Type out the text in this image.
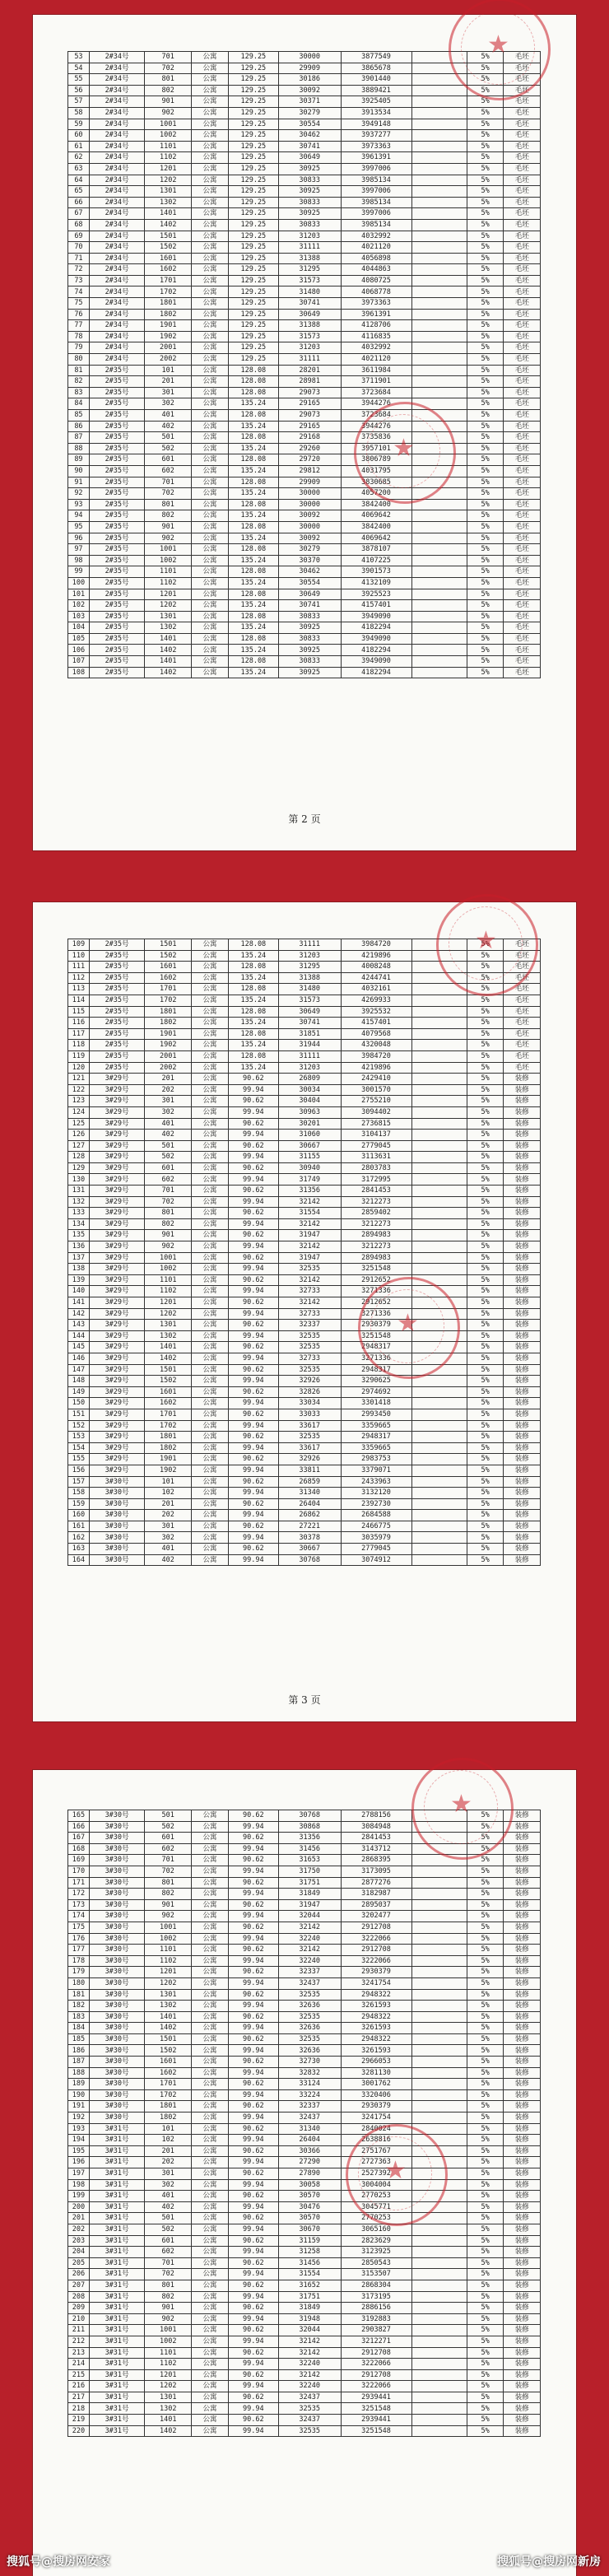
53	2#34号	701	公寓	129.25	30000	3877549		5%	毛坯
54	2#34号	702	公寓	129.25	29909	3865678		5%	毛坯
55	2#34号	801	公寓	129.25	30186	3901440		5%	毛坯
56	2#34号	802	公寓	129.25	30092	3889421		5%	毛坯
57	2#34号	901	公寓	129.25	30371	3925405		5%	毛坯
58	2#34号	902	公寓	129.25	30279	3913534		5%	毛坯
59	2#34号	1001	公寓	129.25	30554	3949148		5%	毛坯
60	2#34号	1002	公寓	129.25	30462	3937277		5%	毛坯
61	2#34号	1101	公寓	129.25	30741	3973363		5%	毛坯
62	2#34号	1102	公寓	129.25	30649	3961391		5%	毛坯
63	2#34号	1201	公寓	129.25	30925	3997006		5%	毛坯
64	2#34号	1202	公寓	129.25	30833	3985134		5%	毛坯
65	2#34号	1301	公寓	129.25	30925	3997006		5%	毛坯
66	2#34号	1302	公寓	129.25	30833	3985134		5%	毛坯
67	2#34号	1401	公寓	129.25	30925	3997006		5%	毛坯
68	2#34号	1402	公寓	129.25	30833	3985134		5%	毛坯
69	2#34号	1501	公寓	129.25	31203	4032992		5%	毛坯
70	2#34号	1502	公寓	129.25	31111	4021120		5%	毛坯
71	2#34号	1601	公寓	129.25	31388	4056898		5%	毛坯
72	2#34号	1602	公寓	129.25	31295	4044863		5%	毛坯
73	2#34号	1701	公寓	129.25	31573	4080725		5%	毛坯
74	2#34号	1702	公寓	129.25	31480	4068778		5%	毛坯
75	2#34号	1801	公寓	129.25	30741	3973363		5%	毛坯
76	2#34号	1802	公寓	129.25	30649	3961391		5%	毛坯
77	2#34号	1901	公寓	129.25	31388	4128706		5%	毛坯
78	2#34号	1902	公寓	129.25	31573	4116835		5%	毛坯
79	2#34号	2001	公寓	129.25	31203	4032992		5%	毛坯
80	2#34号	2002	公寓	129.25	31111	4021120		5%	毛坯
81	2#35号	101	公寓	128.08	28201	3611984		5%	毛坯
82	2#35号	201	公寓	128.08	28981	3711901		5%	毛坯
83	2#35号	301	公寓	128.08	29073	3723684		5%	毛坯
84	2#35号	302	公寓	135.24	29165	3944276		5%	毛坯
85	2#35号	401	公寓	128.08	29073	3723684		5%	毛坯
86	2#35号	402	公寓	135.24	29165	3944276		5%	毛坯
87	2#35号	501	公寓	128.08	29168	3735836		5%	毛坯
88	2#35号	502	公寓	135.24	29260	3957101		5%	毛坯
89	2#35号	601	公寓	128.08	29720	3806789		5%	毛坯
90	2#35号	602	公寓	135.24	29812	4031795		5%	毛坯
91	2#35号	701	公寓	128.08	29909	3830685		5%	毛坯
92	2#35号	702	公寓	135.24	30000	4057200		5%	毛坯
93	2#35号	801	公寓	128.08	30000	3842400		5%	毛坯
94	2#35号	802	公寓	135.24	30092	4069642		5%	毛坯
95	2#35号	901	公寓	128.08	30000	3842400		5%	毛坯
96	2#35号	902	公寓	135.24	30092	4069642		5%	毛坯
97	2#35号	1001	公寓	128.08	30279	3878107		5%	毛坯
98	2#35号	1002	公寓	135.24	30370	4107225		5%	毛坯
99	2#35号	1101	公寓	128.08	30462	3901573		5%	毛坯
100	2#35号	1102	公寓	135.24	30554	4132109		5%	毛坯
101	2#35号	1201	公寓	128.08	30649	3925523		5%	毛坯
102	2#35号	1202	公寓	135.24	30741	4157401		5%	毛坯
103	2#35号	1301	公寓	128.08	30833	3949090		5%	毛坯
104	2#35号	1302	公寓	135.24	30925	4182294		5%	毛坯
105	2#35号	1401	公寓	128.08	30833	3949090		5%	毛坯
106	2#35号	1402	公寓	135.24	30925	4182294		5%	毛坯
107	2#35号	1401	公寓	128.08	30833	3949090		5%	毛坯
108	2#35号	1402	公寓	135.24	30925	4182294		5%	毛坯
★
★
第 2 页
109	2#35号	1501	公寓	128.08	31111	3984720		5%	毛坯
110	2#35号	1502	公寓	135.24	31203	4219896		5%	毛坯
111	2#35号	1601	公寓	128.08	31295	4008248		5%	毛坯
112	2#35号	1602	公寓	135.24	31388	4244741		5%	毛坯
113	2#35号	1701	公寓	128.08	31480	4032161		5%	毛坯
114	2#35号	1702	公寓	135.24	31573	4269933		5%	毛坯
115	2#35号	1801	公寓	128.08	30649	3925532		5%	毛坯
116	2#35号	1802	公寓	135.24	30741	4157401		5%	毛坯
117	2#35号	1901	公寓	128.08	31851	4079568		5%	毛坯
118	2#35号	1902	公寓	135.24	31944	4320048		5%	毛坯
119	2#35号	2001	公寓	128.08	31111	3984720		5%	毛坯
120	2#35号	2002	公寓	135.24	31203	4219896		5%	毛坯
121	3#29号	201	公寓	90.62	26809	2429410		5%	装修
122	3#29号	202	公寓	99.94	30034	3001570		5%	装修
123	3#29号	301	公寓	90.62	30404	2755210		5%	装修
124	3#29号	302	公寓	99.94	30963	3094402		5%	装修
125	3#29号	401	公寓	90.62	30201	2736815		5%	装修
126	3#29号	402	公寓	99.94	31060	3104137		5%	装修
127	3#29号	501	公寓	90.62	30667	2779045		5%	装修
128	3#29号	502	公寓	99.94	31155	3113631		5%	装修
129	3#29号	601	公寓	90.62	30940	2803783		5%	装修
130	3#29号	602	公寓	99.94	31749	3172995		5%	装修
131	3#29号	701	公寓	90.62	31356	2841453		5%	装修
132	3#29号	702	公寓	99.94	32142	3212273		5%	装修
133	3#29号	801	公寓	90.62	31554	2859402		5%	装修
134	3#29号	802	公寓	99.94	32142	3212273		5%	装修
135	3#29号	901	公寓	90.62	31947	2894983		5%	装修
136	3#29号	902	公寓	99.94	32142	3212273		5%	装修
137	3#29号	1001	公寓	90.62	31947	2894983		5%	装修
138	3#29号	1002	公寓	99.94	32535	3251548		5%	装修
139	3#29号	1101	公寓	90.62	32142	2912652		5%	装修
140	3#29号	1102	公寓	99.94	32733	3271336		5%	装修
141	3#29号	1201	公寓	90.62	32142	2912652		5%	装修
142	3#29号	1202	公寓	99.94	32733	3271336		5%	装修
143	3#29号	1301	公寓	90.62	32337	2930379		5%	装修
144	3#29号	1302	公寓	99.94	32535	3251548		5%	装修
145	3#29号	1401	公寓	90.62	32535	2948317		5%	装修
146	3#29号	1402	公寓	99.94	32733	3271336		5%	装修
147	3#29号	1501	公寓	90.62	32535	2948317		5%	装修
148	3#29号	1502	公寓	99.94	32926	3290625		5%	装修
149	3#29号	1601	公寓	90.62	32826	2974692		5%	装修
150	3#29号	1602	公寓	99.94	33034	3301418		5%	装修
151	3#29号	1701	公寓	90.62	33033	2993450		5%	装修
152	3#29号	1702	公寓	99.94	33617	3359665		5%	装修
153	3#29号	1801	公寓	90.62	32535	2948317		5%	装修
154	3#29号	1802	公寓	99.94	33617	3359665		5%	装修
155	3#29号	1901	公寓	90.62	32926	2983753		5%	装修
156	3#29号	1902	公寓	99.94	33811	3379071		5%	装修
157	3#30号	101	公寓	90.62	26859	2433963		5%	装修
158	3#30号	102	公寓	99.94	31340	3132120		5%	装修
159	3#30号	201	公寓	90.62	26404	2392730		5%	装修
160	3#30号	202	公寓	99.94	26862	2684588		5%	装修
161	3#30号	301	公寓	90.62	27221	2466775		5%	装修
162	3#30号	302	公寓	99.94	30378	3035979		5%	装修
163	3#30号	401	公寓	90.62	30667	2779045		5%	装修
164	3#30号	402	公寓	99.94	30768	3074912		5%	装修
★
★
第 3 页
165	3#30号	501	公寓	90.62	30768	2788156		5%	装修
166	3#30号	502	公寓	99.94	30868	3084948		5%	装修
167	3#30号	601	公寓	90.62	31356	2841453		5%	装修
168	3#30号	602	公寓	99.94	31456	3143712		5%	装修
169	3#30号	701	公寓	90.62	31653	2868395		5%	装修
170	3#30号	702	公寓	99.94	31750	3173095		5%	装修
171	3#30号	801	公寓	90.62	31751	2877276		5%	装修
172	3#30号	802	公寓	99.94	31849	3182987		5%	装修
173	3#30号	901	公寓	90.62	31947	2895037		5%	装修
174	3#30号	902	公寓	99.94	32044	3202477		5%	装修
175	3#30号	1001	公寓	90.62	32142	2912708		5%	装修
176	3#30号	1002	公寓	99.94	32240	3222066		5%	装修
177	3#30号	1101	公寓	90.62	32142	2912708		5%	装修
178	3#30号	1102	公寓	99.94	32240	3222066		5%	装修
179	3#30号	1201	公寓	90.62	32337	2930379		5%	装修
180	3#30号	1202	公寓	99.94	32437	3241754		5%	装修
181	3#30号	1301	公寓	90.62	32535	2948322		5%	装修
182	3#30号	1302	公寓	99.94	32636	3261593		5%	装修
183	3#30号	1401	公寓	90.62	32535	2948322		5%	装修
184	3#30号	1402	公寓	99.94	32636	3261593		5%	装修
185	3#30号	1501	公寓	90.62	32535	2948322		5%	装修
186	3#30号	1502	公寓	99.94	32636	3261593		5%	装修
187	3#30号	1601	公寓	90.62	32730	2966053		5%	装修
188	3#30号	1602	公寓	99.94	32832	3281130		5%	装修
189	3#30号	1701	公寓	90.62	33124	3001762		5%	装修
190	3#30号	1702	公寓	99.94	33224	3320406		5%	装修
191	3#30号	1801	公寓	90.62	32337	2930379		5%	装修
192	3#30号	1802	公寓	99.94	32437	3241754		5%	装修
193	3#31号	101	公寓	90.62	31340	2840024		5%	装修
194	3#31号	102	公寓	99.94	26404	2638816		5%	装修
195	3#31号	201	公寓	90.62	30366	2751767		5%	装修
196	3#31号	202	公寓	99.94	27290	2727363		5%	装修
197	3#31号	301	公寓	90.62	27890	2527392		5%	装修
198	3#31号	302	公寓	99.94	30058	3004004		5%	装修
199	3#31号	401	公寓	90.62	30570	2770253		5%	装修
200	3#31号	402	公寓	99.94	30476	3045771		5%	装修
201	3#31号	501	公寓	90.62	30570	2770253		5%	装修
202	3#31号	502	公寓	99.94	30670	3065160		5%	装修
203	3#31号	601	公寓	90.62	31159	2823629		5%	装修
204	3#31号	602	公寓	99.94	31258	3123925		5%	装修
205	3#31号	701	公寓	90.62	31456	2850543		5%	装修
206	3#31号	702	公寓	99.94	31554	3153507		5%	装修
207	3#31号	801	公寓	90.62	31652	2868304		5%	装修
208	3#31号	802	公寓	99.94	31751	3173195		5%	装修
209	3#31号	901	公寓	90.62	31849	2886156		5%	装修
210	3#31号	902	公寓	99.94	31948	3192883		5%	装修
211	3#31号	1001	公寓	90.62	32044	2903827		5%	装修
212	3#31号	1002	公寓	99.94	32142	3212271		5%	装修
213	3#31号	1101	公寓	90.62	32142	2912708		5%	装修
214	3#31号	1102	公寓	99.94	32240	3222066		5%	装修
215	3#31号	1201	公寓	90.62	32142	2912708		5%	装修
216	3#31号	1202	公寓	99.94	32240	3222066		5%	装修
217	3#31号	1301	公寓	90.62	32437	2939441		5%	装修
218	3#31号	1302	公寓	99.94	32535	3251548		5%	装修
219	3#31号	1401	公寓	90.62	32437	2939441		5%	装修
220	3#31号	1402	公寓	99.94	32535	3251548		5%	装修
★
★
搜狐号@搜房网安家	搜狐号@搜房网新房
